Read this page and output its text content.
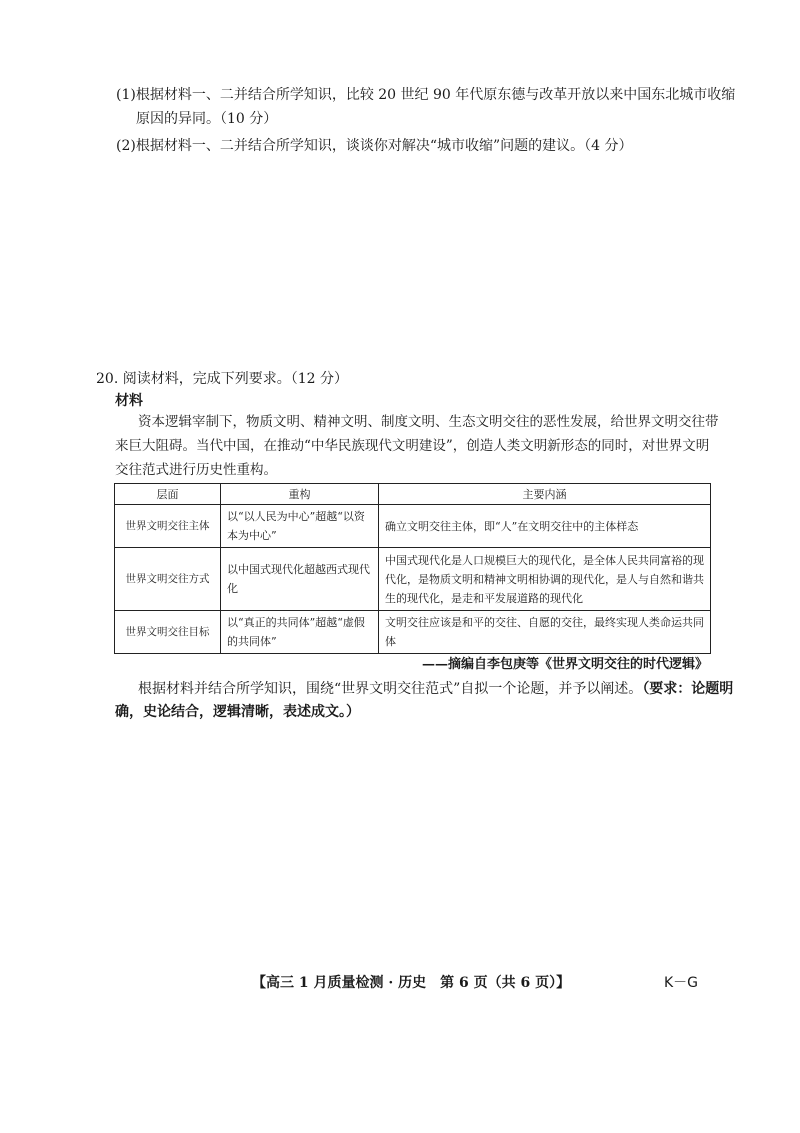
(1)根据材料一、二并结合所学知识，比较 20 世纪 90 年代原东德与改革开放以来中国东北城市收缩
原因的异同。（10 分）
(2)根据材料一、二并结合所学知识，谈谈你对解决“城市收缩”问题的建议。（4 分）
20. 阅读材料，完成下列要求。（12 分）
材料
资本逻辑宰制下，物质文明、精神文明、制度文明、生态文明交往的恶性发展，给世界文明交往带
来巨大阻碍。当代中国，在推动“中华民族现代文明建设”，创造人类文明新形态的同时，对世界文明
交往范式进行历史性重构。
层面	重构	主要内涵
世界文明交往主体	以“以人民为中心”超越“以资本为中心”	确立文明交往主体，即“人”在文明交往中的主体样态
世界文明交往方式	以中国式现代化超越西式现代化	中国式现代化是人口规模巨大的现代化，是全体人民共同富裕的现代化，是物质文明和精神文明相协调的现代化，是人与自然和谐共生的现代化，是走和平发展道路的现代化
世界文明交往目标	以“真正的共同体”超越“虚假的共同体”	文明交往应该是和平的交往、自愿的交往，最终实现人类命运共同体
——摘编自李包庚等《世界文明交往的时代逻辑》
根据材料并结合所学知识，围绕“世界文明交往范式”自拟一个论题，并予以阐述。（要求：论题明
确，史论结合，逻辑清晰，表述成文。）
【高三 1 月质量检测 · 历史　第 6 页（共 6 页）】	K－G
